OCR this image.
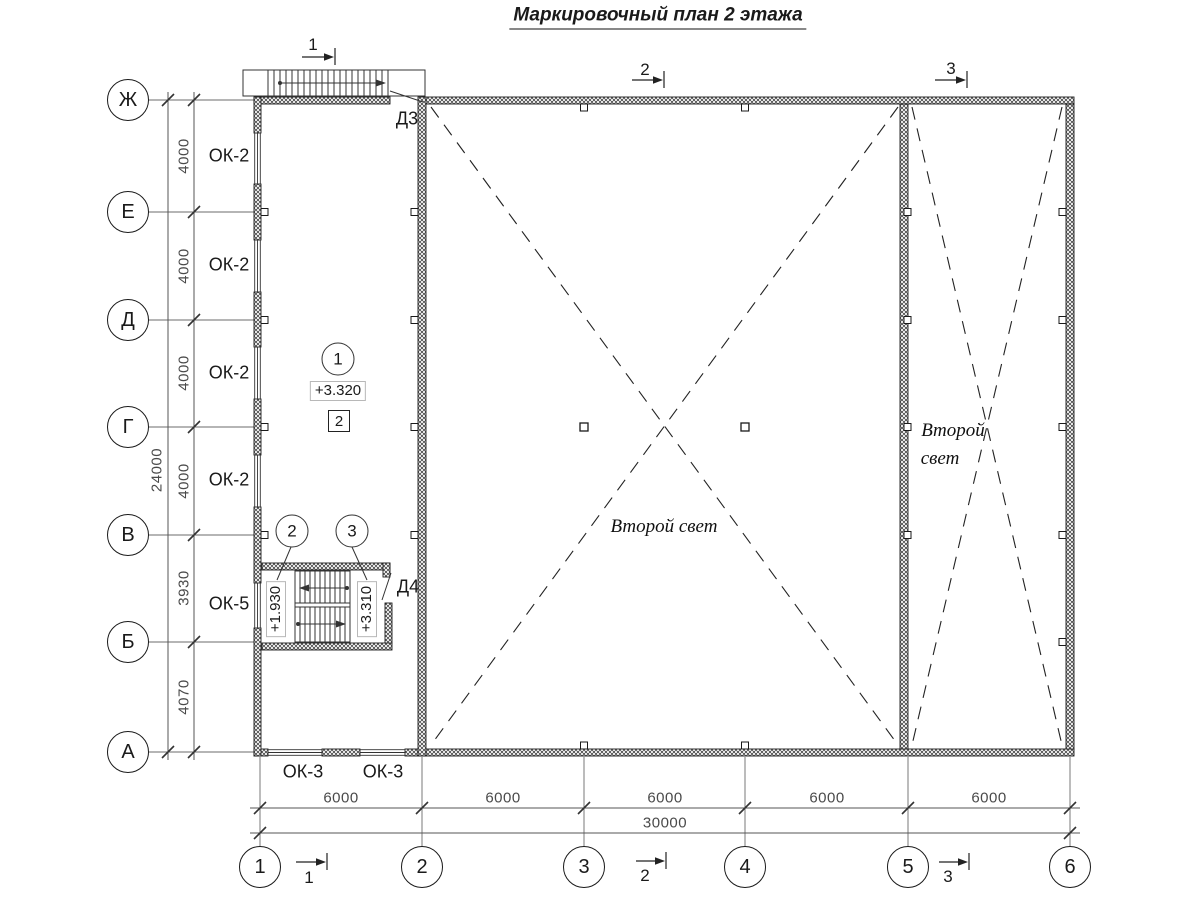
Маркировочный план 2 этажа
Ж
Е
Д
Г
В
Б
А
1	2	3	4	5	6
4000
4000
4000
4000
3930
4070
24000
6000	6000	6000	6000	6000
30000
ОК-2
ОК-2
ОК-2
ОК-2
ОК-5
ОК-3 ОК-3
Д3
Д4
1
+3.320
2
2	3
+1.930	+3.310
Второй свет
Второй
свет
1
2	3
1	2	3
